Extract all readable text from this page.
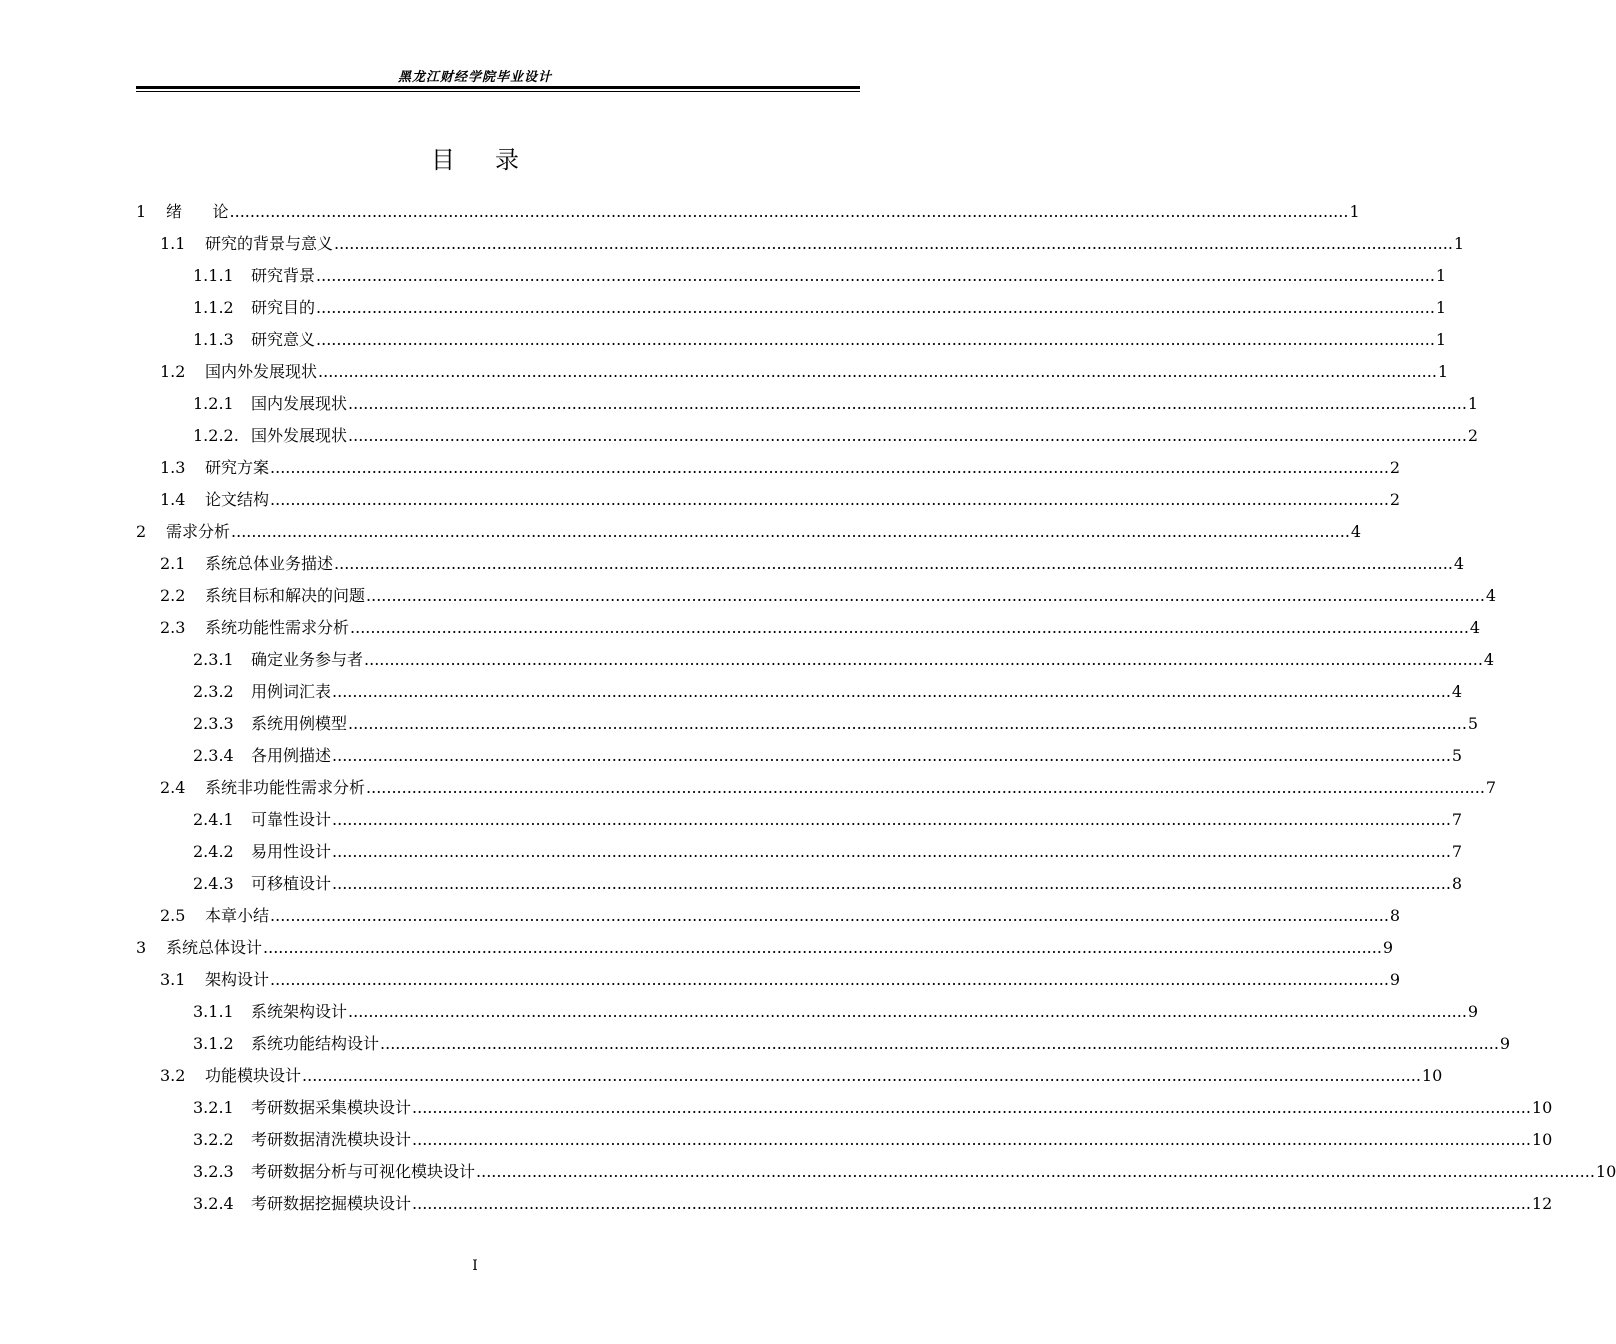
黑龙江财经学院毕业设计
目录
1	绪      论 ............................................................................................................................................................................................................................ 1
1.1	研究的背景与意义 ............................................................................................................................................................................................................................ 1
1.1.1	研究背景 ............................................................................................................................................................................................................................ 1
1.1.2	研究目的 ............................................................................................................................................................................................................................ 1
1.1.3	研究意义 ............................................................................................................................................................................................................................ 1
1.2	国内外发展现状 ............................................................................................................................................................................................................................ 1
1.2.1	国内发展现状 ............................................................................................................................................................................................................................ 1
1.2.2. 国外发展现状 ............................................................................................................................................................................................................................ 2
1.3	研究方案 ............................................................................................................................................................................................................................ 2
1.4	论文结构 ............................................................................................................................................................................................................................ 2
2	需求分析 ............................................................................................................................................................................................................................ 4
2.1	系统总体业务描述 ............................................................................................................................................................................................................................ 4
2.2	系统目标和解决的问题 ............................................................................................................................................................................................................................ 4
2.3	系统功能性需求分析 ............................................................................................................................................................................................................................ 4
2.3.1	确定业务参与者 ............................................................................................................................................................................................................................ 4
2.3.2	用例词汇表 ............................................................................................................................................................................................................................ 4
2.3.3	系统用例模型 ............................................................................................................................................................................................................................ 5
2.3.4	各用例描述 ............................................................................................................................................................................................................................ 5
2.4	系统非功能性需求分析 ............................................................................................................................................................................................................................ 7
2.4.1	可靠性设计 ............................................................................................................................................................................................................................ 7
2.4.2	易用性设计 ............................................................................................................................................................................................................................ 7
2.4.3	可移植设计 ............................................................................................................................................................................................................................ 8
2.5	本章小结 ............................................................................................................................................................................................................................ 8
3	系统总体设计 ............................................................................................................................................................................................................................ 9
3.1	架构设计 ............................................................................................................................................................................................................................ 9
3.1.1	系统架构设计 ............................................................................................................................................................................................................................ 9
3.1.2	系统功能结构设计 ............................................................................................................................................................................................................................ 9
3.2	功能模块设计 ............................................................................................................................................................................................................................ 10
3.2.1	考研数据采集模块设计 ............................................................................................................................................................................................................................ 10
3.2.2	考研数据清洗模块设计 ............................................................................................................................................................................................................................ 10
3.2.3	考研数据分析与可视化模块设计 ............................................................................................................................................................................................................................ 10
3.2.4	考研数据挖掘模块设计 ............................................................................................................................................................................................................................ 12
I
